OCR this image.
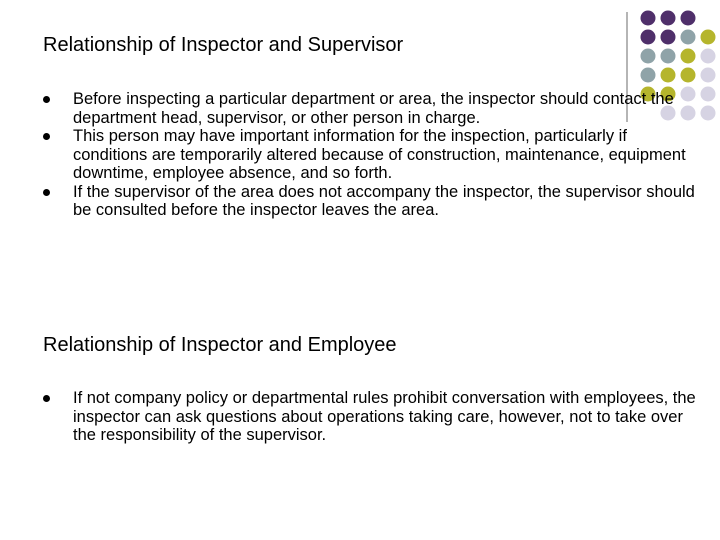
Relationship of Inspector and Supervisor
Before inspecting a particular department or area, the inspector should contact the department head, supervisor, or other person in charge.
This person may have important information for the inspection, particularly if conditions are temporarily altered because of construction, maintenance, equipment downtime, employee absence, and so forth.
If the supervisor of the area does not accompany the inspector, the supervisor should be consulted before the inspector leaves the area.
Relationship of Inspector and Employee
If not company policy or departmental rules prohibit conversation with employees, the inspector can ask questions about operations taking care, however, not to take over the responsibility of the supervisor.
